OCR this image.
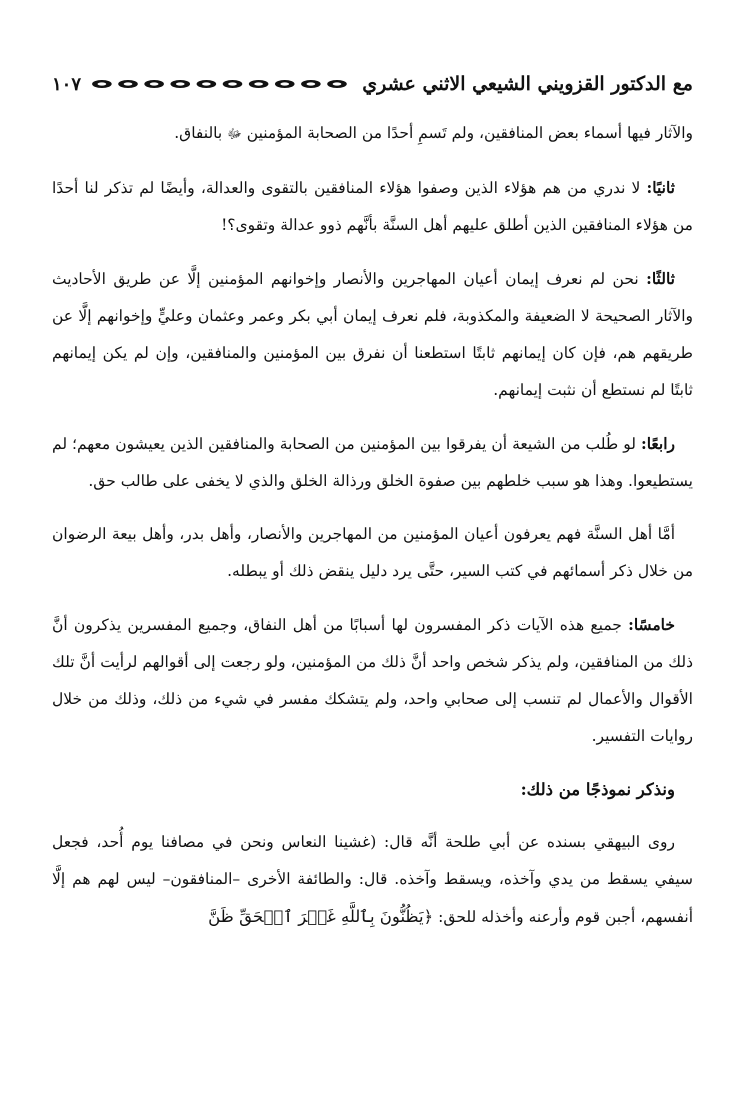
مع الدكتور القزويني الشيعي الاثني عشري
١٠٧

والآثار فيها أسماء بعض المنافقين، ولم تَسمِ أحدًا من الصحابة المؤمنين ﷻ بالنفاق.

ثانيًا: لا ندري من هم هؤلاء الذين وصفوا هؤلاء المنافقين بالتقوى والعدالة، وأيضًا لم تذكر لنا أحدًا من هؤلاء المنافقين الذين أطلق عليهم أهل السنَّة بأنَّهم ذوو عدالة وتقوى؟!

ثالثًا: نحن لم نعرف إيمان أعيان المهاجرين والأنصار وإخوانهم المؤمنين إلَّا عن طريق الأحاديث والآثار الصحيحة لا الضعيفة والمكذوبة، فلم نعرف إيمان أبي بكر وعمر وعثمان وعليٍّ وإخوانهم إلَّا عن طريقهم هم، فإن كان إيمانهم ثابتًا استطعنا أن نفرق بين المؤمنين والمنافقين، وإن لم يكن إيمانهم ثابتًا لم نستطع أن نثبت إيمانهم.

رابعًا: لو طُلب من الشيعة أن يفرقوا بين المؤمنين من الصحابة والمنافقين الذين يعيشون معهم؛ لم يستطيعوا. وهذا هو سبب خلطهم بين صفوة الخلق ورذالة الخلق والذي لا يخفى على طالب حق.

أمَّا أهل السنَّة فهم يعرفون أعيان المؤمنين من المهاجرين والأنصار، وأهل بدر، وأهل بيعة الرضوان من خلال ذكر أسمائهم في كتب السير، حتَّى يرد دليل ينقض ذلك أو يبطله.

خامسًا: جميع هذه الآيات ذكر المفسرون لها أسبابًا من أهل النفاق، وجميع المفسرين يذكرون أنَّ ذلك من المنافقين، ولم يذكر شخص واحد أنَّ ذلك من المؤمنين، ولو رجعت إلى أقوالهم لرأيت أنَّ تلك الأقوال والأعمال لم تنسب إلى صحابي واحد، ولم يتشكك مفسر في شيء من ذلك، وذلك من خلال روايات التفسير.

ونذكر نموذجًا من ذلك:

روى البيهقي بسنده عن أبي طلحة أنَّه قال: (غشينا النعاس ونحن في مصافنا يوم أُحد، فجعل سيفي يسقط من يدي وآخذه، ويسقط وآخذه. قال: والطائفة الأخرى –المنافقون– ليس لهم هم إلَّا أنفسهم، أجبن قوم وأرعنه وأخذله للحق: ﴿يَظُنُّونَ بِٱللَّهِ غَيۡرَ ٱلۡحَقِّ ظَنَّ
